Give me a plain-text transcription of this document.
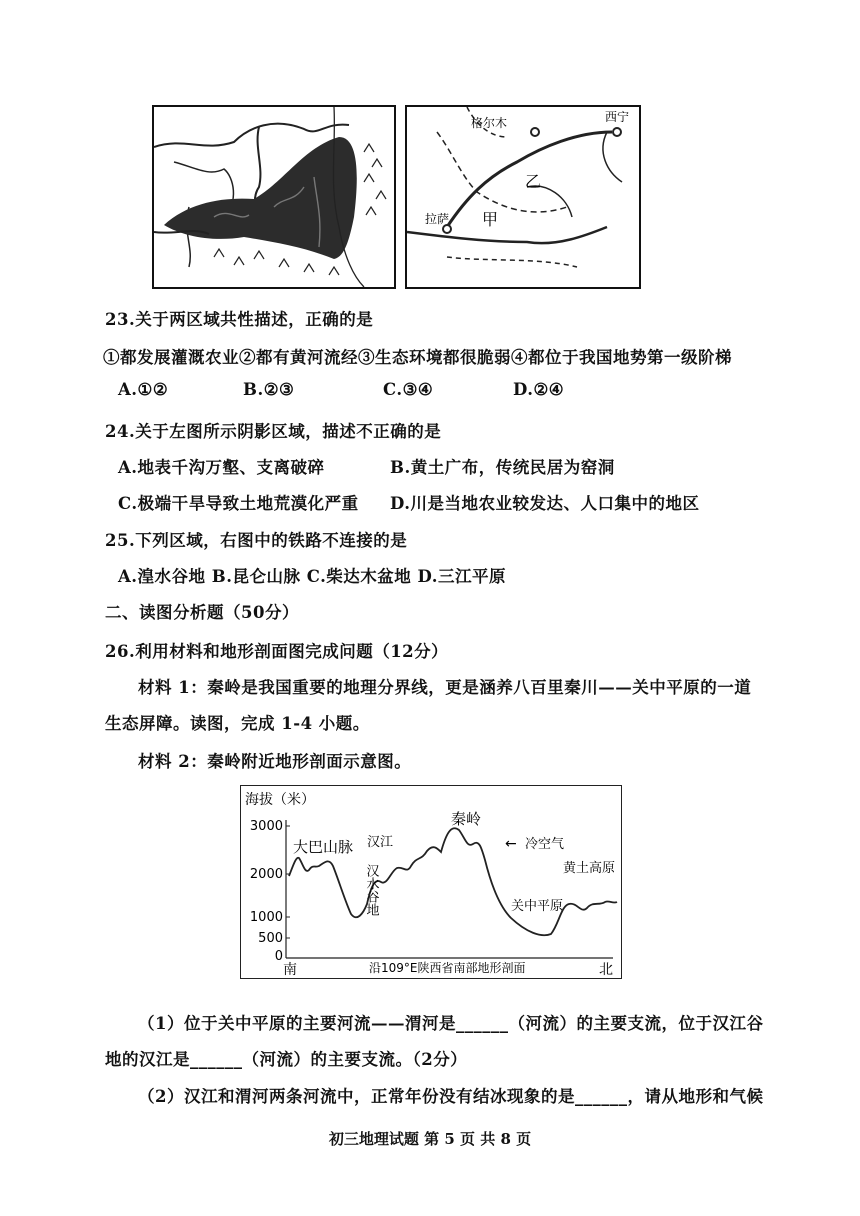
格尔木	西宁
拉萨
乙
甲
23.关于两区域共性描述，正确的是
①都发展灌溉农业②都有黄河流经③生态环境都很脆弱④都位于我国地势第一级阶梯
A.①②	B.②③	C.③④	D.②④
24.关于左图所示阴影区域，描述不正确的是
A.地表千沟万壑、支离破碎	B.黄土广布，传统民居为窑洞
C.极端干旱导致土地荒漠化严重 D.川是当地农业较发达、人口集中的地区
25.下列区域，右图中的铁路不连接的是
A.湟水谷地 B.昆仑山脉 C.柴达木盆地 D.三江平原
二、读图分析题（50分）
26.利用材料和地形剖面图完成问题（12分）
材料 1：秦岭是我国重要的地理分界线，更是涵养八百里秦川——关中平原的一道
生态屏障。读图，完成 1-4 小题。
材料 2：秦岭附近地形剖面示意图。
海拔（米）
3000
2000
1000
500
0
大巴山脉 汉江
汉水谷地
秦岭
← 冷空气
关中平原
黄土高原
南	沿109°E陕西省南部地形剖面	北
（1）位于关中平原的主要河流——渭河是______（河流）的主要支流，位于汉江谷
地的汉江是______（河流）的主要支流。（2分）
（2）汉江和渭河两条河流中，正常年份没有结冰现象的是______，请从地形和气候
初三地理试题 第 5 页 共 8 页
